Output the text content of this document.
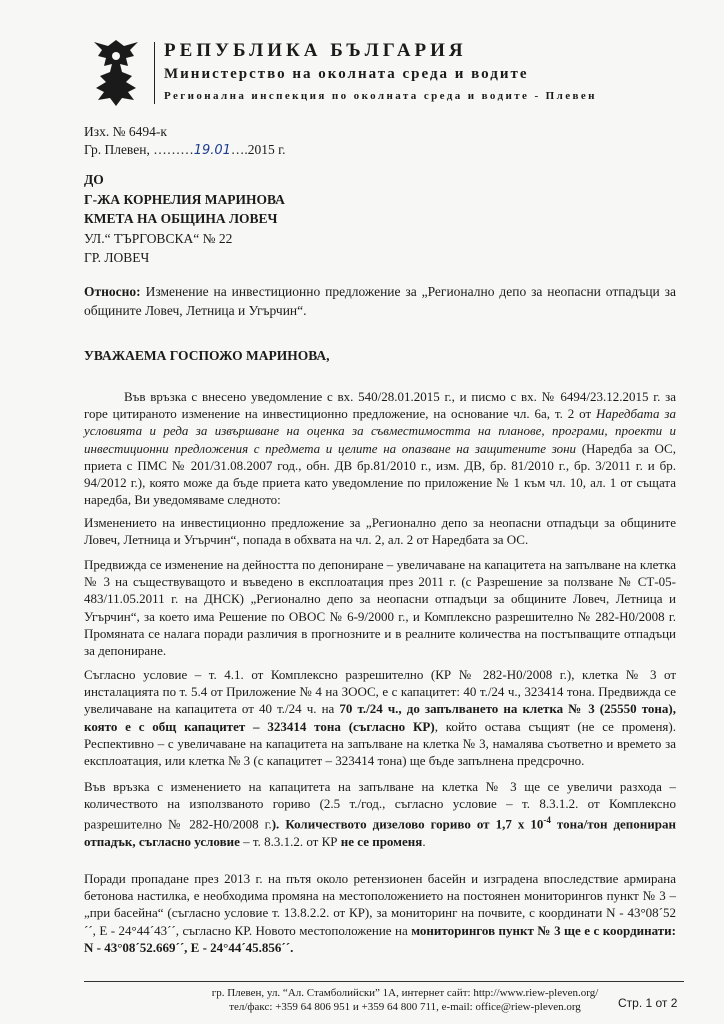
РЕПУБЛИКА БЪЛГАРИЯ
Министерство на околната среда и водите
Регионална инспекция по околната среда и водите - Плевен
Изх. № 6494-к
Гр. Плевен, ………19.01….2015 г.
ДО
Г-ЖА КОРНЕЛИЯ МАРИНОВА
КМЕТА НА ОБЩИНА ЛОВЕЧ
УЛ.“ ТЪРГОВСКА“ № 22
ГР. ЛОВЕЧ

Относно: Изменение на инвестиционно предложение за „Регионално депо за неопасни отпадъци за общините Ловеч, Летница и Угърчин“.

УВАЖАЕМА ГОСПОЖО МАРИНОВА,

Във връзка с внесено уведомление с вх. 540/28.01.2015 г., и писмо с вх. № 6494/23.12.2015 г. за горе цитираното изменение на инвестиционно предложение, на основание чл. 6а, т. 2 от Наредбата за условията и реда за извършване на оценка за съвместимостта на планове, програми, проекти и инвестиционни предложения с предмета и целите на опазване на защитените зони (Наредба за ОС, приета с ПМС № 201/31.08.2007 год., обн. ДВ бр.81/2010 г., изм. ДВ, бр. 81/2010 г., бр. 3/2011 г. и бр. 94/2012 г.), която може да бъде приета като уведомление по приложение № 1 към чл. 10, ал. 1 от същата наредба, Ви уведомяваме следното:

Изменението на инвестиционно предложение за „Регионално депо за неопасни отпадъци за общините Ловеч, Летница и Угърчин“, попада в обхвата на чл. 2, ал. 2 от Наредбата за ОС.
Предвижда се изменение на дейността по депониране – увеличаване на капацитета на запълване на клетка № 3 на съществуващото и въведено в експлоатация през 2011 г. (с Разрешение за ползване № СТ-05-483/11.05.2011 г. на ДНСК) „Регионално депо за неопасни отпадъци за общините Ловеч, Летница и Угърчин“, за което има Решение по ОВОС № 6-9/2000 г., и Комплексно разрешително № 282-Н0/2008 г. Промяната се налага поради различия в прогнозните и в реалните количества на постъпващите отпадъци за депониране.

Съгласно условие – т. 4.1. от Комплексно разрешително (КР № 282-Н0/2008 г.), клетка № 3 от инсталацията по т. 5.4 от Приложение № 4 на ЗООС, е с капацитет: 40 т./24 ч., 323414 тона. Предвижда се увеличаване на капацитета от 40 т./24 ч. на 70 т./24 ч., до запълването на клетка № 3 (25550 тона), която е с общ капацитет – 323414 тона (съгласно КР), който остава същият (не се променя). Респективно – с увеличаване на капацитета на запълване на клетка № 3, намалява съответно и времето за експлоатация, или клетка № 3 (с капацитет – 323414 тона) ще бъде запълнена предсрочно.

Във връзка с изменението на капацитета на запълване на клетка № 3 ще се увеличи разхода – количеството на използваното гориво (2.5 т./год., съгласно условие – т. 8.3.1.2. от Комплексно разрешително № 282-Н0/2008 г.). Количеството дизелово гориво от 1,7 х $10^{-4}$ тона/тон депониран отпадък, съгласно условие – т. 8.3.1.2. от КР не се променя.

Поради пропадане през 2013 г. на пътя около ретензионен басейн и изградена впоследствие армирана бетонова настилка, е необходима промяна на местоположението на постоянен мониторингов пункт № 3 – „при басейна“ (съгласно условие т. 13.8.2.2. от КР), за мониторинг на почвите, с координати N - 43°08´52´´, E - 24°44´43´´, съгласно КР. Новото местоположение на мониторингов пункт № 3 ще е с координати: N - 43°08´52.669´´, E - 24°44´45.856´´.

гр. Плевен, ул. “Ал. Стамболийски” 1А, интернет сайт: http://www.riew-pleven.org/
тел/факс: +359 64 806 951 и +359 64 800 711, e-mail: office@riew-pleven.org	Стр. 1 от 2
